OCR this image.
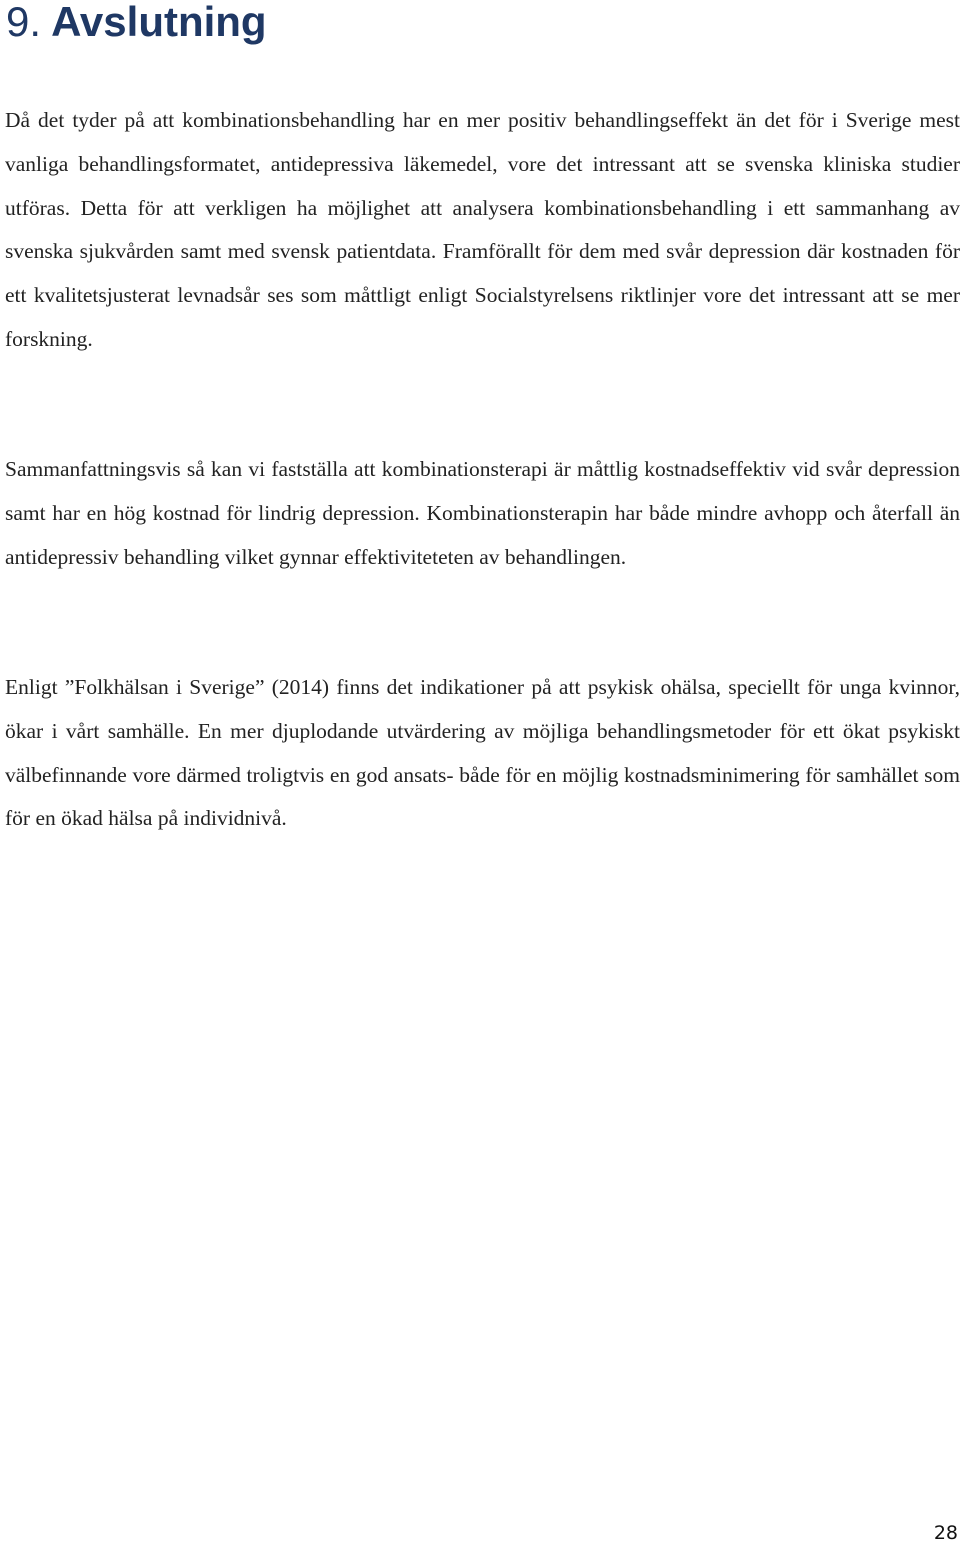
9. Avslutning

Då det tyder på att kombinationsbehandling har en mer positiv behandlingseffekt än det för i Sverige mest vanliga behandlingsformatet, antidepressiva läkemedel, vore det intressant att se svenska kliniska studier utföras. Detta för att verkligen ha möjlighet att analysera kombinationsbehandling i ett sammanhang av svenska sjukvården samt med svensk patientdata. Framförallt för dem med svår depression där kostnaden för ett kvalitetsjusterat levnadsår ses som måttligt enligt Socialstyrelsens riktlinjer vore det intressant att se mer forskning.

Sammanfattningsvis så kan vi fastställa att kombinationsterapi är måttlig kostnadseffektiv vid svår depression samt har en hög kostnad för lindrig depression. Kombinationsterapin har både mindre avhopp och återfall än antidepressiv behandling vilket gynnar effektiviteteten av behandlingen.

Enligt ”Folkhälsan i Sverige” (2014) finns det indikationer på att psykisk ohälsa, speciellt för unga kvinnor, ökar i vårt samhälle. En mer djuplodande utvärdering av möjliga behandlingsmetoder för ett ökat psykiskt välbefinnande vore därmed troligtvis en god ansats- både för en möjlig kostnadsminimering för samhället som för en ökad hälsa på individnivå.

28
